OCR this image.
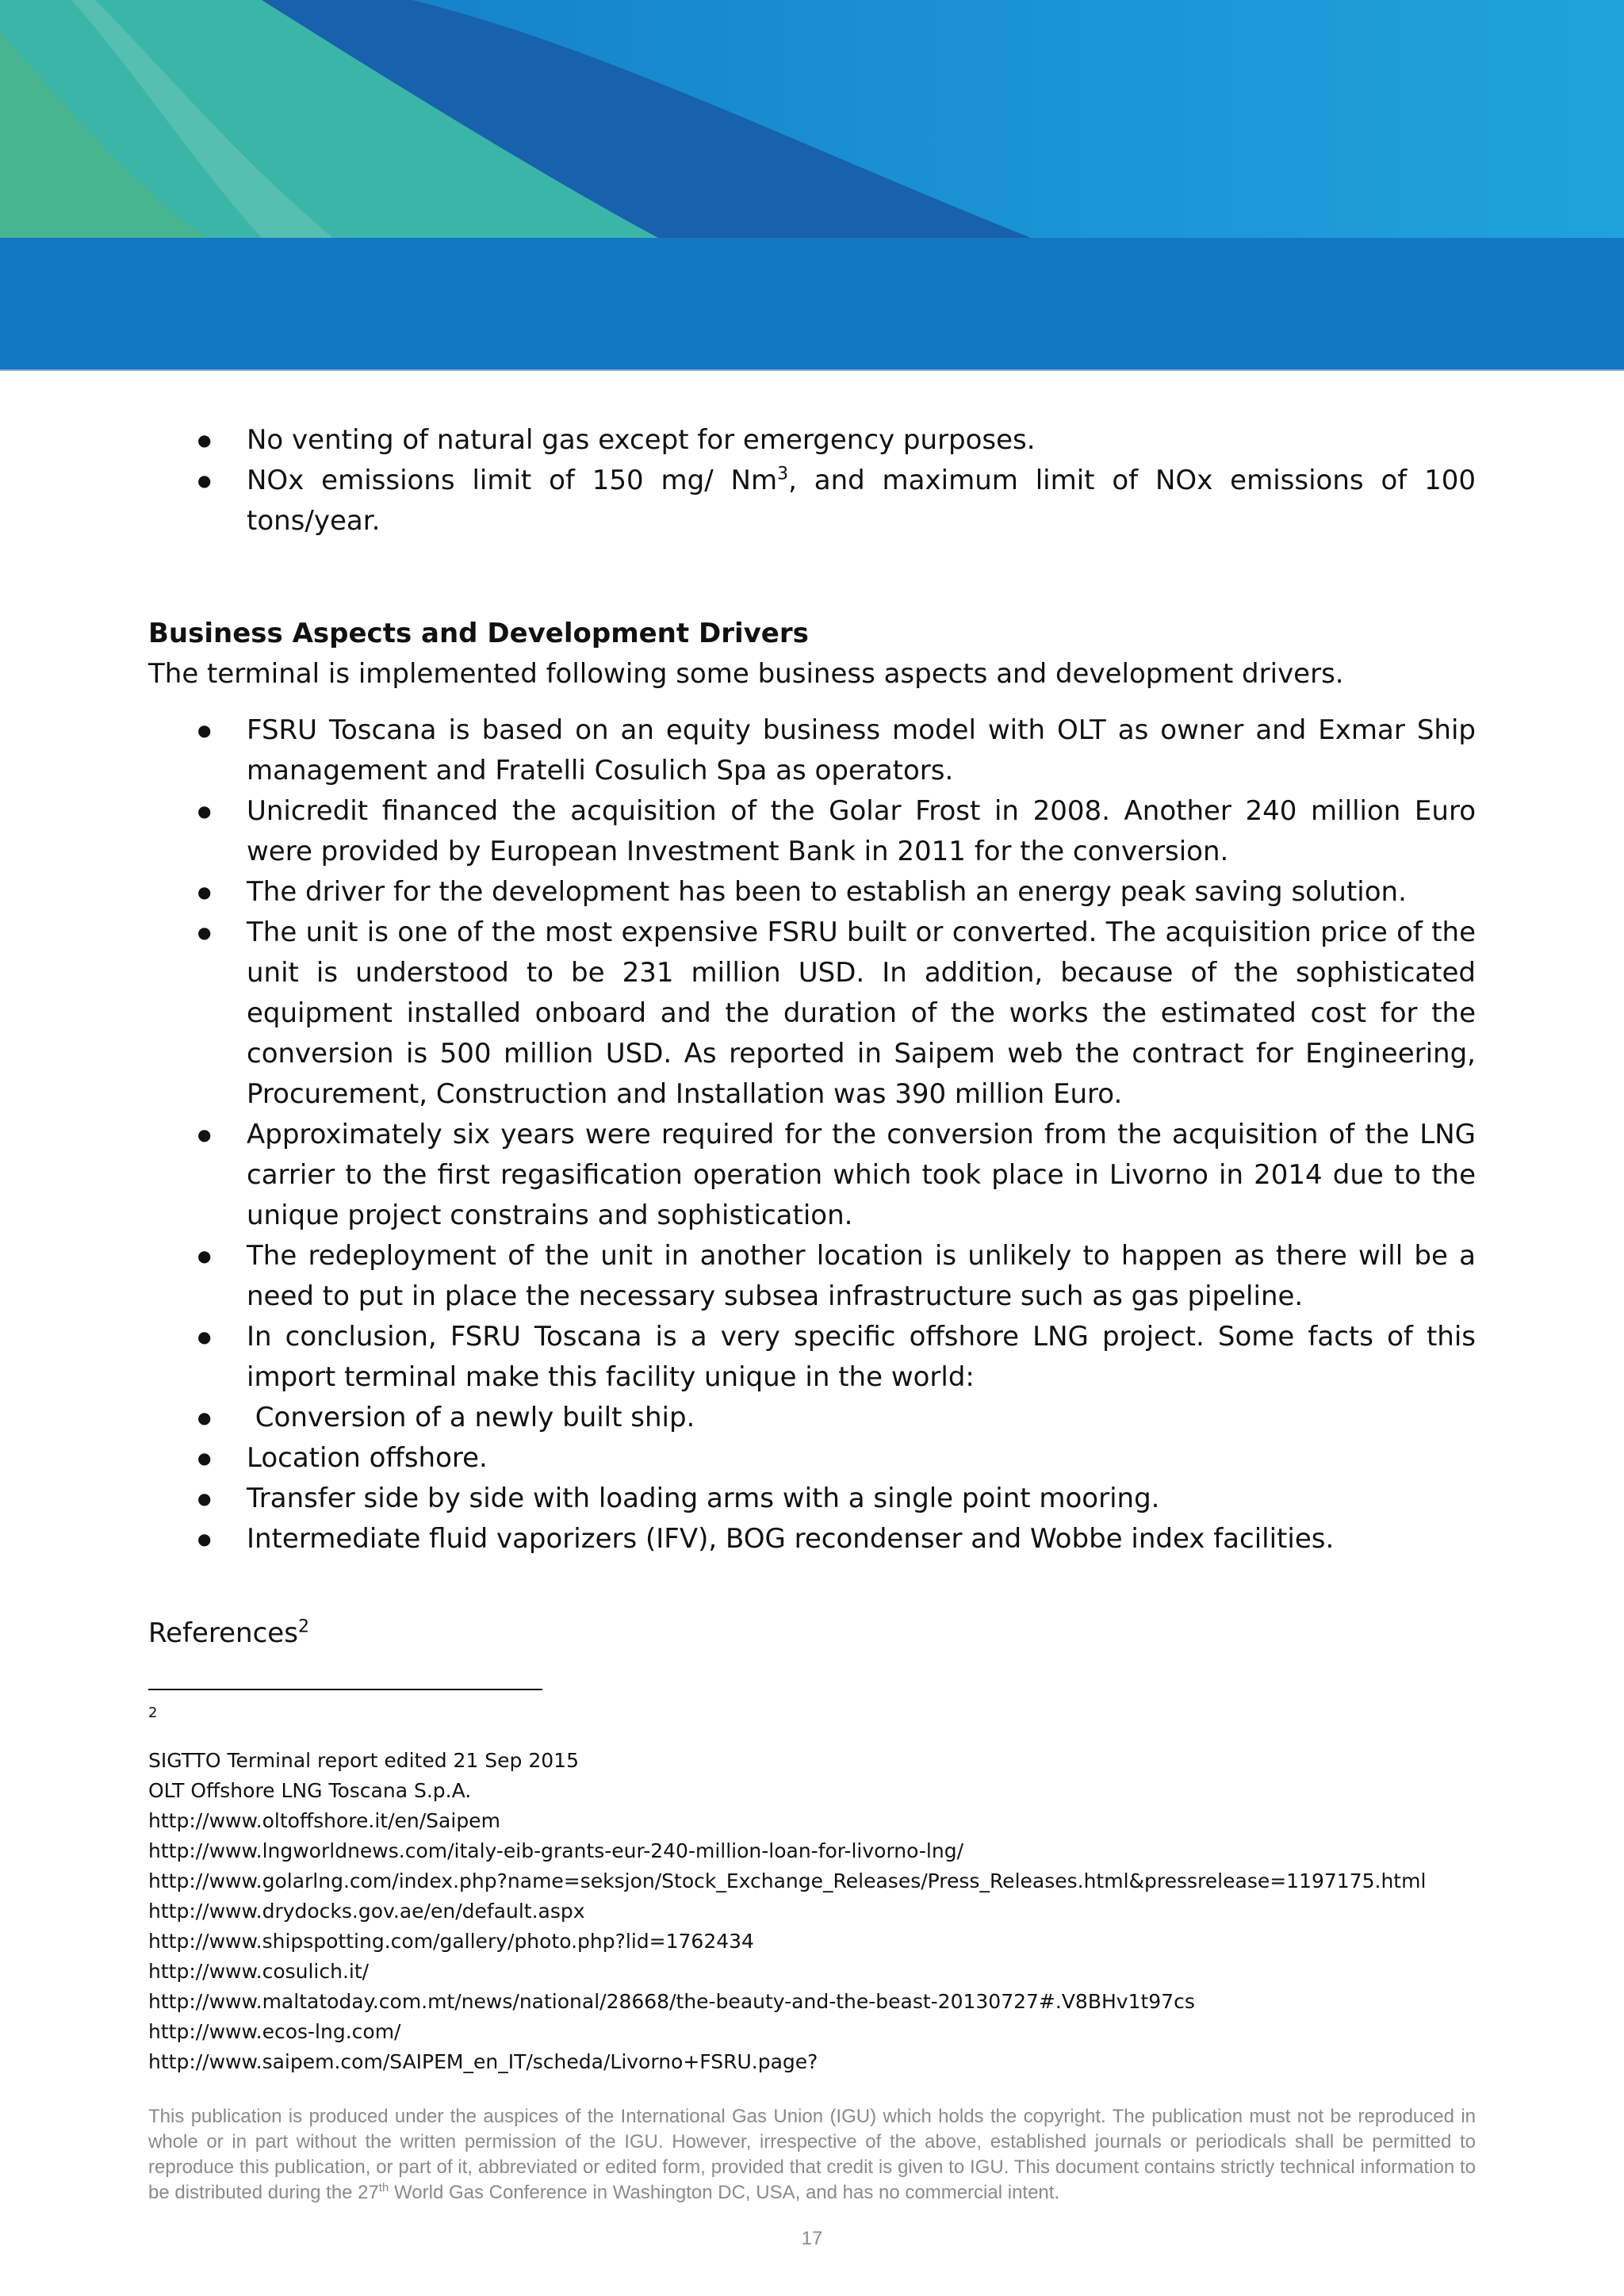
● No venting of natural gas except for emergency purposes.
● NOx emissions limit of 150 mg/ Nm$^3$, and maximum limit of NOx emissions of 100 tons/year.
Business Aspects and Development Drivers
The terminal is implemented following some business aspects and development drivers.
● FSRU Toscana is based on an equity business model with OLT as owner and Exmar Ship management and Fratelli Cosulich Spa as operators.
● Unicredit financed the acquisition of the Golar Frost in 2008. Another 240 million Euro were provided by European Investment Bank in 2011 for the conversion.
● The driver for the development has been to establish an energy peak saving solution.
● The unit is one of the most expensive FSRU built or converted. The acquisition price of the unit is understood to be 231 million USD. In addition, because of the sophisticated equipment installed onboard and the duration of the works the estimated cost for the conversion is 500 million USD. As reported in Saipem web the contract for Engineering, Procurement, Construction and Installation was 390 million Euro.
● Approximately six years were required for the conversion from the acquisition of the LNG carrier to the first regasification operation which took place in Livorno in 2014 due to the unique project constrains and sophistication.
● The redeployment of the unit in another location is unlikely to happen as there will be a need to put in place the necessary subsea infrastructure such as gas pipeline.
● In conclusion, FSRU Toscana is a very specific offshore LNG project. Some facts of this import terminal make this facility unique in the world:
●  Conversion of a newly built ship.
● Location offshore.
● Transfer side by side with loading arms with a single point mooring.
● Intermediate fluid vaporizers (IFV), BOG recondenser and Wobbe index facilities.
References$^2$
2
SIGTTO Terminal report edited 21 Sep 2015
OLT Offshore LNG Toscana S.p.A.
http://www.oltoffshore.it/en/Saipem
http://www.lngworldnews.com/italy-eib-grants-eur-240-million-loan-for-livorno-lng/
http://www.golarlng.com/index.php?name=seksjon/Stock_Exchange_Releases/Press_Releases.html&pressrelease=1197175.html
http://www.drydocks.gov.ae/en/default.aspx
http://www.shipspotting.com/gallery/photo.php?lid=1762434
http://www.cosulich.it/
http://www.maltatoday.com.mt/news/national/28668/the-beauty-and-the-beast-20130727#.V8BHv1t97cs
http://www.ecos-lng.com/
http://www.saipem.com/SAIPEM_en_IT/scheda/Livorno+FSRU.page?
This publication is produced under the auspices of the International Gas Union (IGU) which holds the copyright. The publication must not be reproduced in whole or in part without the written permission of the IGU. However, irrespective of the above, established journals or periodicals shall be permitted to reproduce this publication, or part of it, abbreviated or edited form, provided that credit is given to IGU. This document contains strictly technical information to be distributed during the 27th World Gas Conference in Washington DC, USA, and has no commercial intent.
17
